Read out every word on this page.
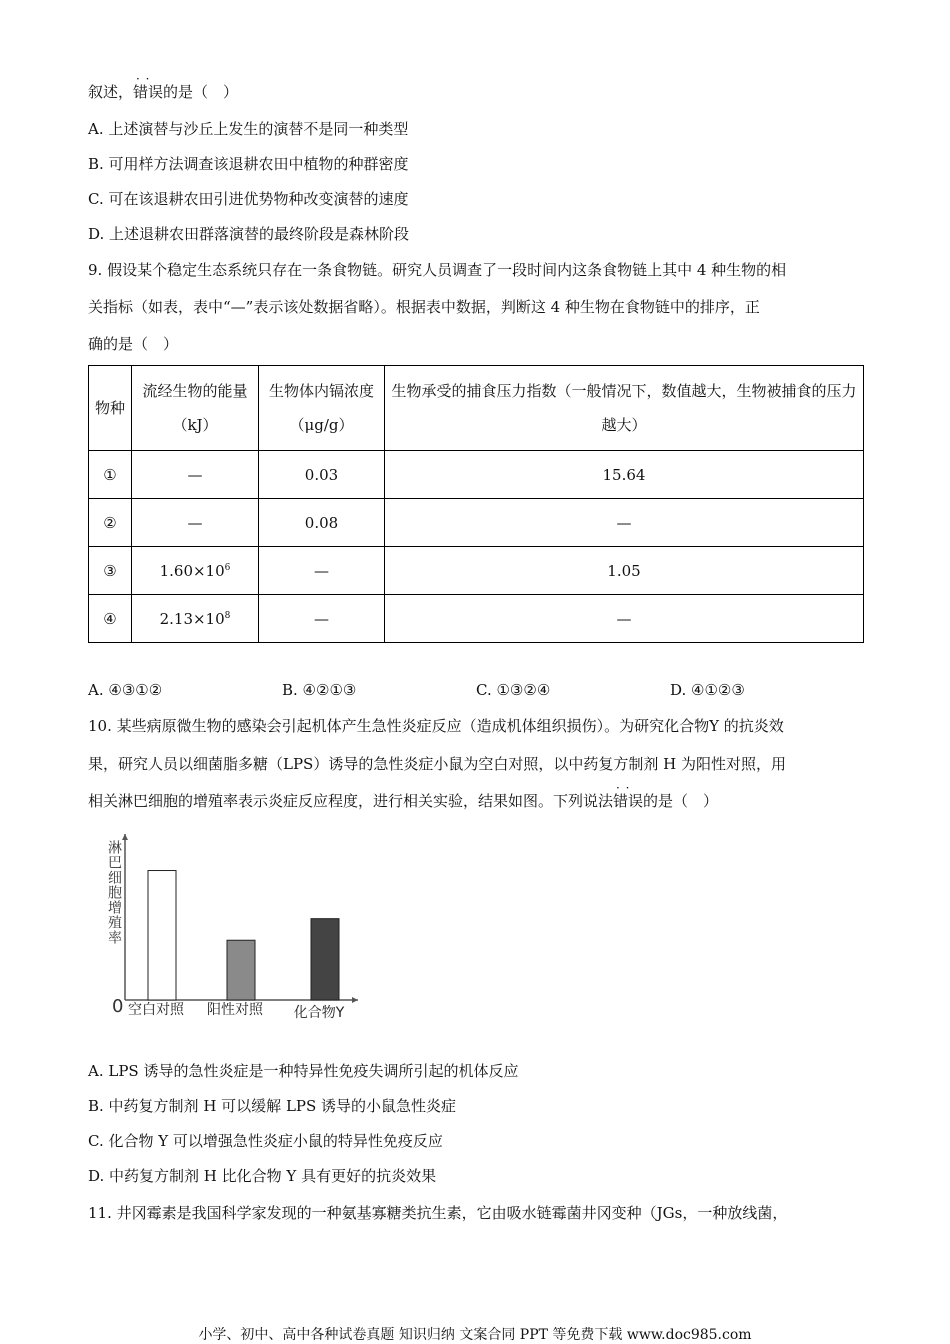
叙述，· · 错误的是（　）
A. 上述演替与沙丘上发生的演替不是同一种类型
B. 可用样方法调查该退耕农田中植物的种群密度
C. 可在该退耕农田引进优势物种改变演替的速度
D. 上述退耕农田群落演替的最终阶段是森林阶段
9. 假设某个稳定生态系统只存在一条食物链。研究人员调查了一段时间内这条食物链上其中 4 种生物的相
关指标（如表，表中“—”表示该处数据省略）。根据表中数据，判断这 4 种生物在食物链中的排序，正
确的是（　）
物种	流经生物的能量（kJ）	生物体内镉浓度（μg/g）	生物承受的捕食压力指数（一般情况下，数值越大，生物被捕食的压力越大）
①	—	0.03	15.64
②	—	0.08	—
③	$1.60\times 10^6$	—	1.05
④	$2.13\times 10^8$	—	—
A. ④③①②	B. ④②①③	C. ①③②④	D. ④①②③
10. 某些病原微生物的感染会引起机体产生急性炎症反应（造成机体组织损伤）。为研究化合物Y 的抗炎效
果，研究人员以细菌脂多糖（LPS）诱导的急性炎症小鼠为空白对照，以中药复方制剂 H 为阳性对照，用
相关淋巴细胞的增殖率表示炎症反应程度，进行相关实验，结果如图。下列说法· · 错误的是（　）
淋巴细胞增殖率
0 空白对照 阳性对照 化合物Y
A. LPS 诱导的急性炎症是一种特异性免疫失调所引起的机体反应
B. 中药复方制剂 H 可以缓解 LPS 诱导的小鼠急性炎症
C. 化合物 Y 可以增强急性炎症小鼠的特异性免疫反应
D. 中药复方制剂 H 比化合物 Y 具有更好的抗炎效果
11. 井冈霉素是我国科学家发现的一种氨基寡糖类抗生素，它由吸水链霉菌井冈变种（JGs，一种放线菌，
小学、初中、高中各种试卷真题 知识归纳 文案合同 PPT 等免费下载 www.doc985.com
